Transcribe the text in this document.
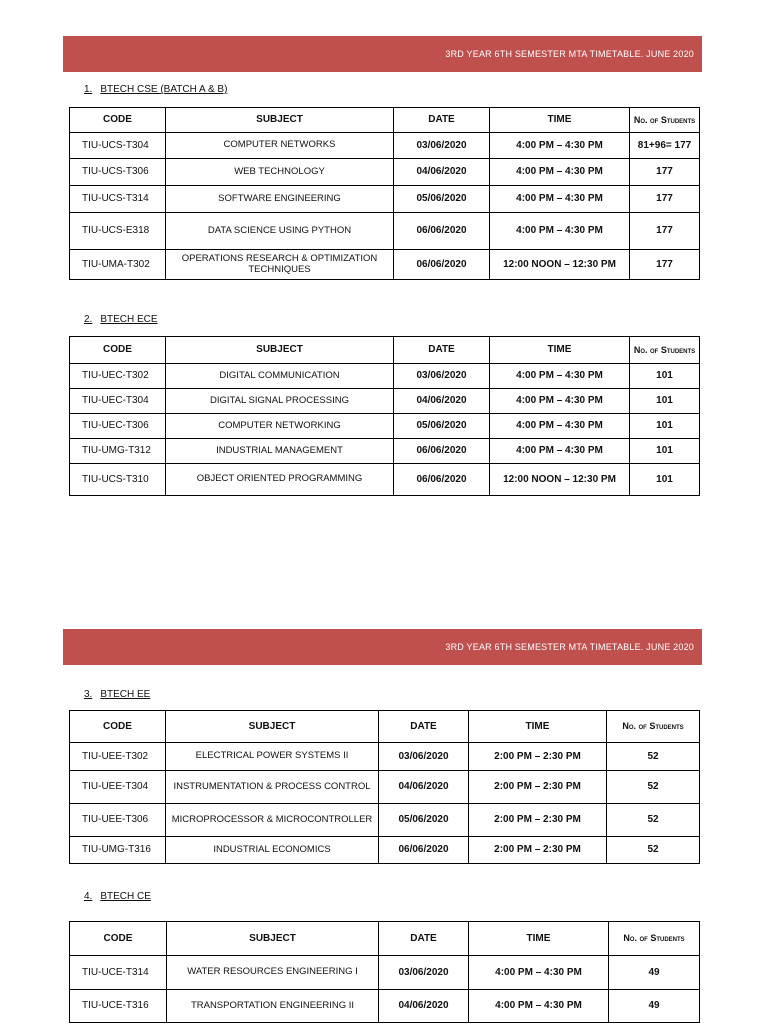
3RD YEAR 6TH SEMESTER MTA TIMETABLE. JUNE 2020
1. BTECH CSE (BATCH A & B)
CODE	SUBJECT	DATE	TIME	No. of Students
TIU-UCS-T304	COMPUTER NETWORKS	03/06/2020	4:00 PM – 4:30 PM	81+96= 177
TIU-UCS-T306	WEB TECHNOLOGY	04/06/2020	4:00 PM – 4:30 PM	177
TIU-UCS-T314	SOFTWARE ENGINEERING	05/06/2020	4:00 PM – 4:30 PM	177
TIU-UCS-E318	DATA SCIENCE USING PYTHON	06/06/2020	4:00 PM – 4:30 PM	177
TIU-UMA-T302	OPERATIONS RESEARCH & OPTIMIZATION TECHNIQUES	06/06/2020	12:00 NOON – 12:30 PM	177
2. BTECH ECE
CODE	SUBJECT	DATE	TIME	No. of Students
TIU-UEC-T302	DIGITAL COMMUNICATION	03/06/2020	4:00 PM – 4:30 PM	101
TIU-UEC-T304	DIGITAL SIGNAL PROCESSING	04/06/2020	4:00 PM – 4:30 PM	101
TIU-UEC-T306	COMPUTER NETWORKING	05/06/2020	4:00 PM – 4:30 PM	101
TIU-UMG-T312	INDUSTRIAL MANAGEMENT	06/06/2020	4:00 PM – 4:30 PM	101
TIU-UCS-T310	OBJECT ORIENTED PROGRAMMING	06/06/2020	12:00 NOON – 12:30 PM	101
3RD YEAR 6TH SEMESTER MTA TIMETABLE. JUNE 2020
3. BTECH EE
CODE	SUBJECT	DATE	TIME	No. of Students
TIU-UEE-T302	ELECTRICAL POWER SYSTEMS II	03/06/2020	2:00 PM – 2:30 PM	52
TIU-UEE-T304	INSTRUMENTATION & PROCESS CONTROL	04/06/2020	2:00 PM – 2:30 PM	52
TIU-UEE-T306	MICROPROCESSOR & MICROCONTROLLER	05/06/2020	2:00 PM – 2:30 PM	52
TIU-UMG-T316	INDUSTRIAL ECONOMICS	06/06/2020	2:00 PM – 2:30 PM	52
4. BTECH CE
CODE	SUBJECT	DATE	TIME	No. of Students
TIU-UCE-T314	WATER RESOURCES ENGINEERING I	03/06/2020	4:00 PM – 4:30 PM	49
TIU-UCE-T316	TRANSPORTATION ENGINEERING II	04/06/2020	4:00 PM – 4:30 PM	49
